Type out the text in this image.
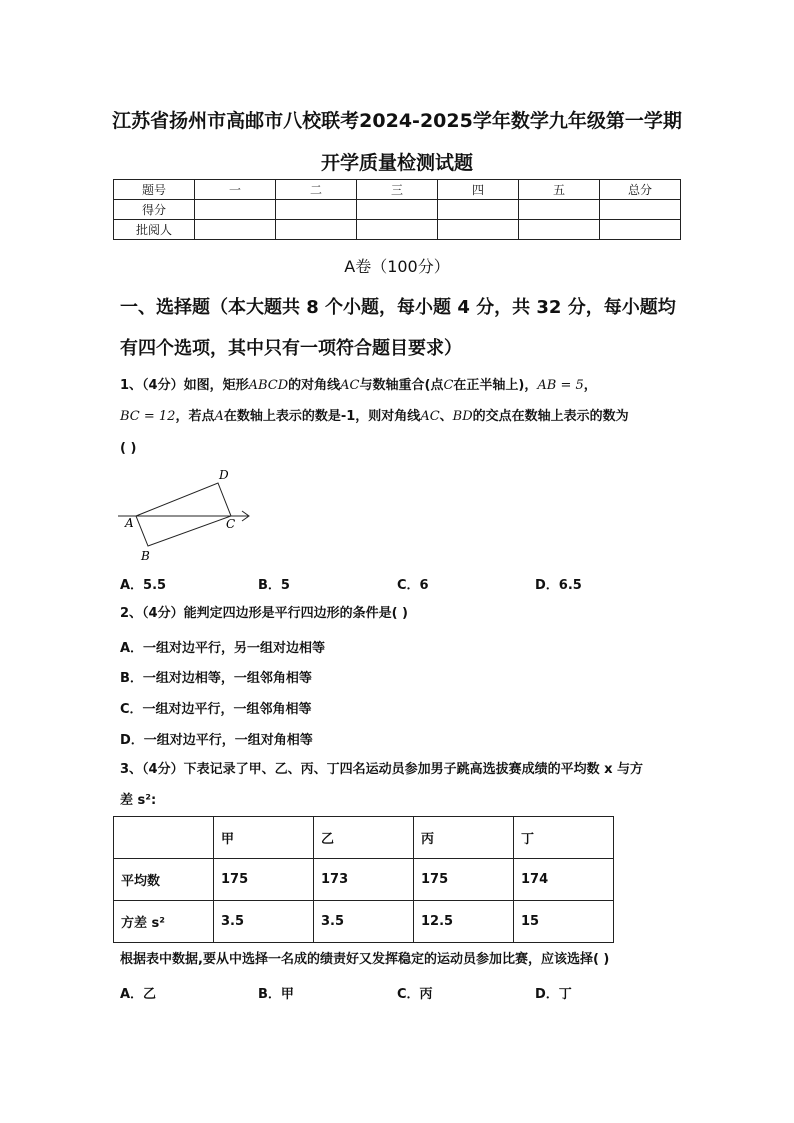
江苏省扬州市高邮市八校联考2024-2025学年数学九年级第一学期
开学质量检测试题
题号	一	二	三	四	五	总分
得分						
批阅人						
A卷（100分）
一、选择题（本大题共 8 个小题，每小题 4 分，共 32 分，每小题均
有四个选项，其中只有一项符合题目要求）
1、（4分）如图，矩形ABCD的对角线AC与数轴重合(点C在正半轴上)，AB = 5，
BC = 12，若点A在数轴上表示的数是-1，则对角线AC、BD的交点在数轴上表示的数为
( )
A
B
C
D
A．5.5	B．5	C．6	D．6.5
2、（4分）能判定四边形是平行四边形的条件是( )
A．一组对边平行，另一组对边相等
B．一组对边相等，一组邻角相等
C．一组对边平行，一组邻角相等
D．一组对边平行，一组对角相等
3、（4分）下表记录了甲、乙、丙、丁四名运动员参加男子跳高选拔赛成绩的平均数 x 与方
差 s²:
	甲	乙	丙	丁
平均数	175	173	175	174
方差 s²	3.5	3.5	12.5	15
根据表中数据,要从中选择一名成的绩责好又发挥稳定的运动员参加比赛，应该选择( )
A．乙	B．甲	C．丙	D．丁
